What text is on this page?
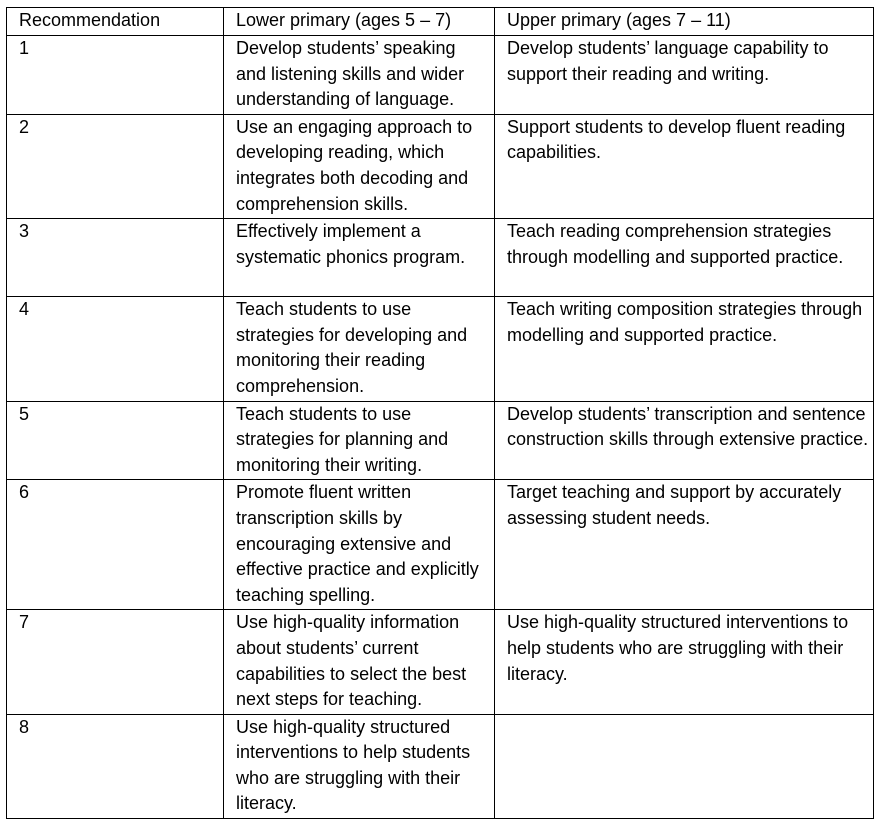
Recommendation	Lower primary (ages 5 – 7)	Upper primary (ages 7 – 11)
1	Develop students’ speaking and listening skills and wider understanding of language.	Develop students’ language capability to support their reading and writing.
2	Use an engaging approach to developing reading, which integrates both decoding and comprehension skills.	Support students to develop fluent reading capabilities.
3	Effectively implement a systematic phonics program.	Teach reading comprehension strategies through modelling and supported practice.
4	Teach students to use strategies for developing and monitoring their reading comprehension.	Teach writing composition strategies through modelling and supported practice.
5	Teach students to use strategies for planning and monitoring their writing.	Develop students’ transcription and sentence construction skills through extensive practice.
6	Promote fluent written transcription skills by encouraging extensive and effective practice and explicitly teaching spelling.	Target teaching and support by accurately assessing student needs.
7	Use high-quality information about students’ current capabilities to select the best next steps for teaching.	Use high-quality structured interventions to help students who are struggling with their literacy.
8	Use high-quality structured interventions to help students who are struggling with their literacy.	
